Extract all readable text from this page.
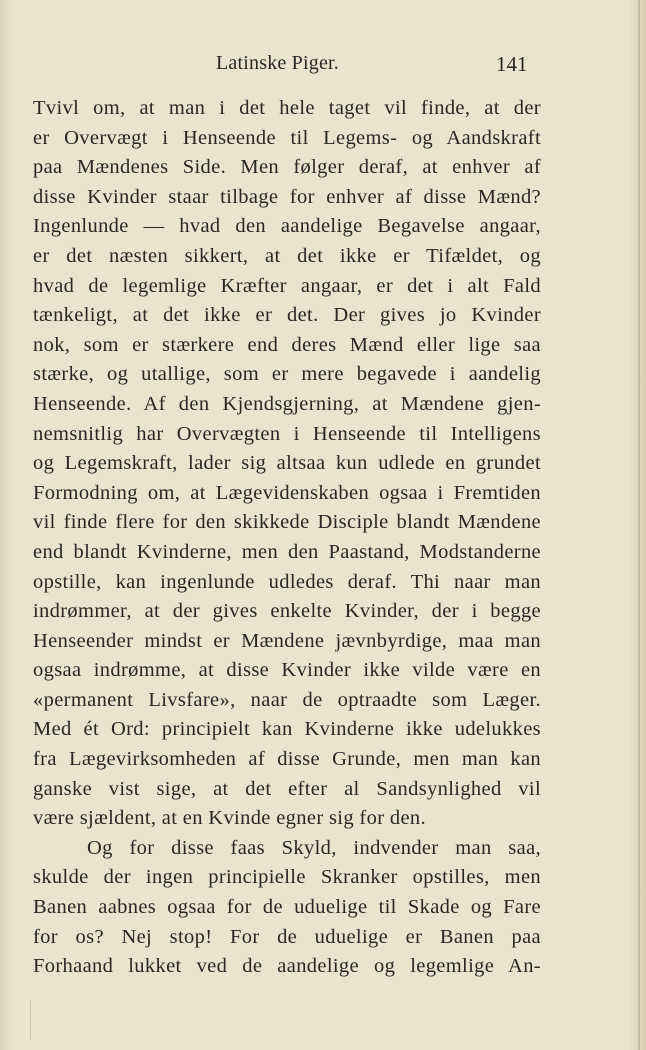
Latinske Piger.	141
Tvivl om, at man i det hele taget vil finde, at der
er Overvægt i Henseende til Legems- og Aandskraft
paa Mændenes Side. Men følger deraf, at enhver af
disse Kvinder staar tilbage for enhver af disse Mænd?
Ingenlunde — hvad den aandelige Begavelse angaar,
er det næsten sikkert, at det ikke er Tifældet, og
hvad de legemlige Kræfter angaar, er det i alt Fald
tænkeligt, at det ikke er det. Der gives jo Kvinder
nok, som er stærkere end deres Mænd eller lige saa
stærke, og utallige, som er mere begavede i aandelig
Henseende. Af den Kjendsgjerning, at Mændene gjen-
nemsnitlig har Overvægten i Henseende til Intelligens
og Legemskraft, lader sig altsaa kun udlede en grundet
Formodning om, at Lægevidenskaben ogsaa i Fremtiden
vil finde flere for den skikkede Disciple blandt Mændene
end blandt Kvinderne, men den Paastand, Modstanderne
opstille, kan ingenlunde udledes deraf. Thi naar man
indrømmer, at der gives enkelte Kvinder, der i begge
Henseender mindst er Mændene jævnbyrdige, maa man
ogsaa indrømme, at disse Kvinder ikke vilde være en
«permanent Livsfare», naar de optraadte som Læger.
Med ét Ord: principielt kan Kvinderne ikke udelukkes
fra Lægevirksomheden af disse Grunde, men man kan
ganske vist sige, at det efter al Sandsynlighed vil
være sjældent, at en Kvinde egner sig for den.
Og for disse faas Skyld, indvender man saa,
skulde der ingen principielle Skranker opstilles, men
Banen aabnes ogsaa for de uduelige til Skade og Fare
for os? Nej stop! For de uduelige er Banen paa
Forhaand lukket ved de aandelige og legemlige An-
